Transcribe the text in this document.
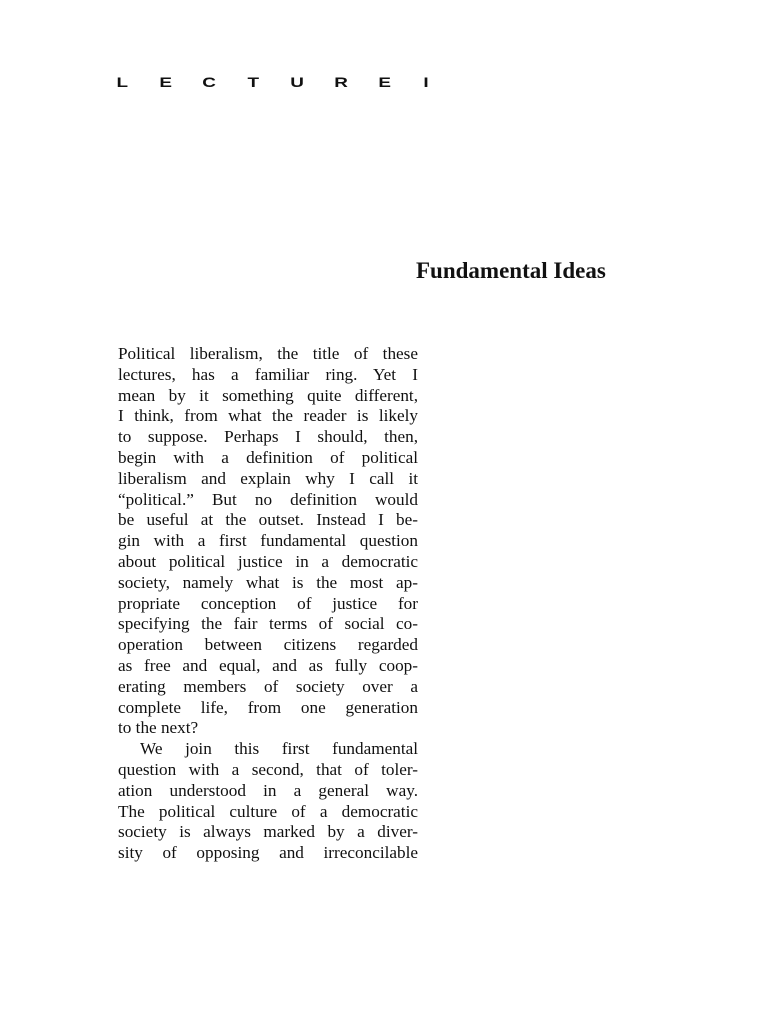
L E C T U R E I
Fundamental Ideas
Political liberalism, the title of these
lectures, has a familiar ring. Yet I
mean by it something quite different,
I think, from what the reader is likely
to suppose. Perhaps I should, then,
begin with a definition of political
liberalism and explain why I call it
“political.” But no definition would
be useful at the outset. Instead I be-
gin with a first fundamental question
about political justice in a democratic
society, namely what is the most ap-
propriate conception of justice for
specifying the fair terms of social co-
operation between citizens regarded
as free and equal, and as fully coop-
erating members of society over a
complete life, from one generation
to the next?
We join this first fundamental
question with a second, that of toler-
ation understood in a general way.
The political culture of a democratic
society is always marked by a diver-
sity of opposing and irreconcilable
